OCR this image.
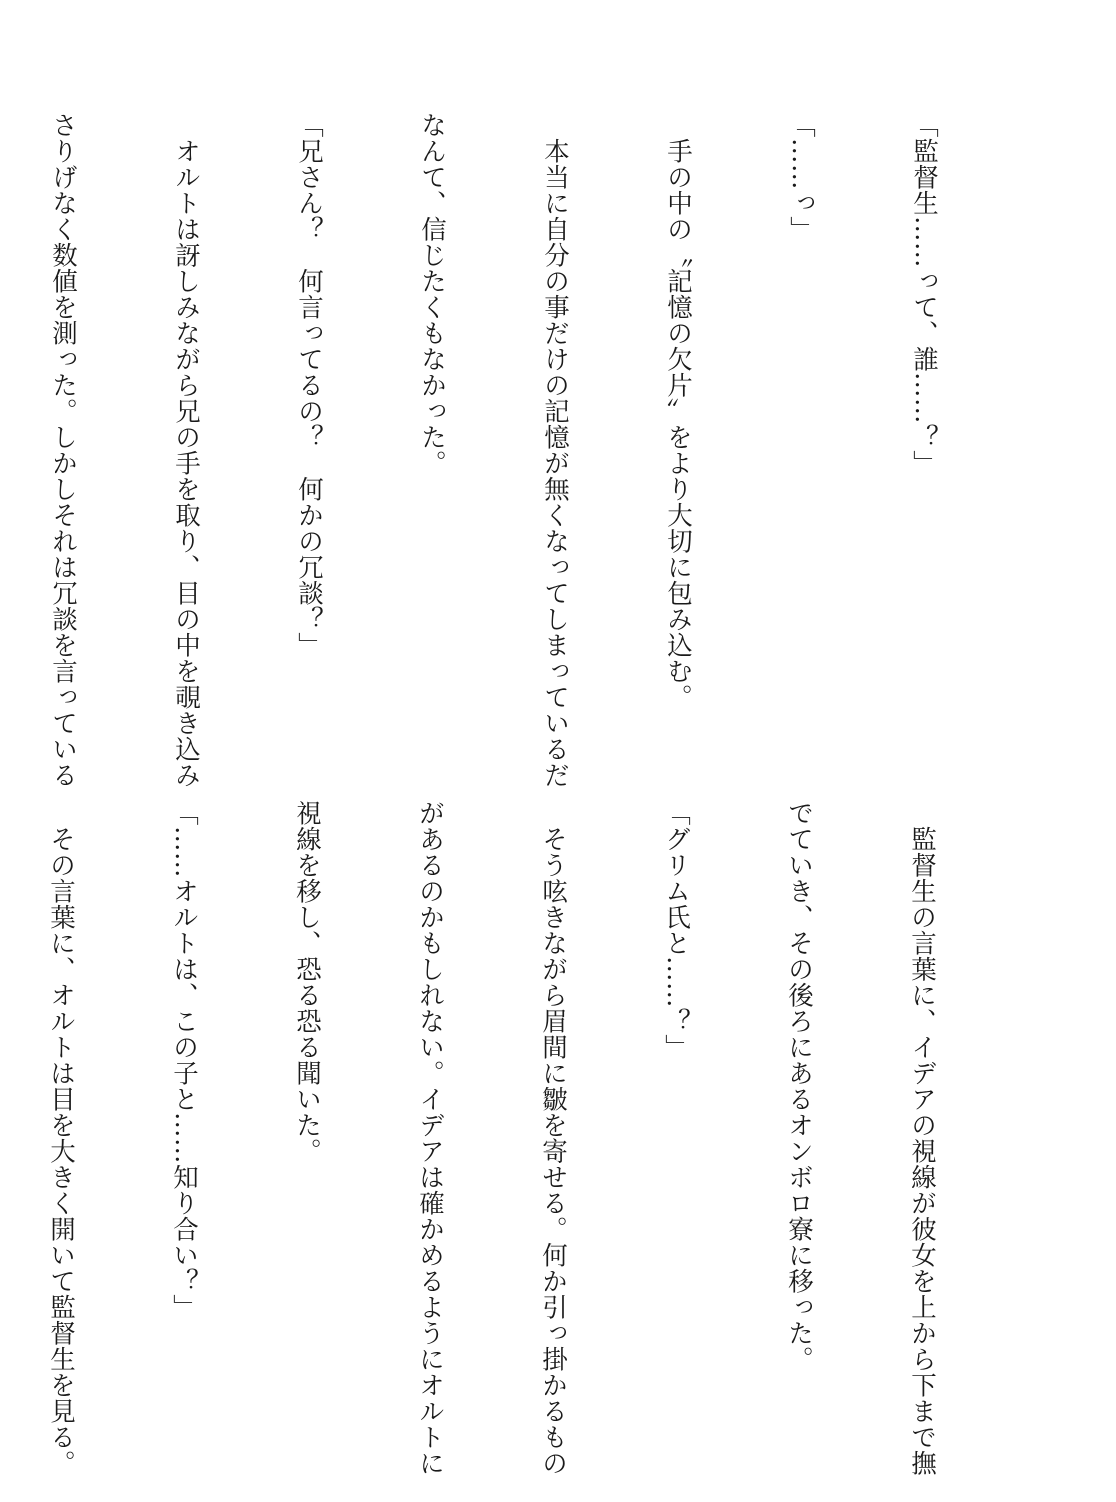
「監督生……って、誰……？」

「……っ」

　手の中の〝記憶の欠片〟をより大切に包み込む。

　本当に自分の事だけの記憶が無くなってしまっているだ

なんて、信じたくもなかった。

「兄さん？　何言ってるの？　何かの冗談？」

　オルトは訝しみながら兄の手を取り、目の中を覗き込み

さりげなく数値を測った。しかしそれは冗談を言っている

　監督生の言葉に、イデアの視線が彼女を上から下まで撫

でていき、その後ろにあるオンボロ寮に移った。

「グリム氏と……？」

　そう呟きながら眉間に皺を寄せる。何か引っ掛かるもの

があるのかもしれない。イデアは確かめるようにオルトに

視線を移し、恐る恐る聞いた。

「……オルトは、この子と……知り合い？」

　その言葉に、オルトは目を大きく開いて監督生を見る。
